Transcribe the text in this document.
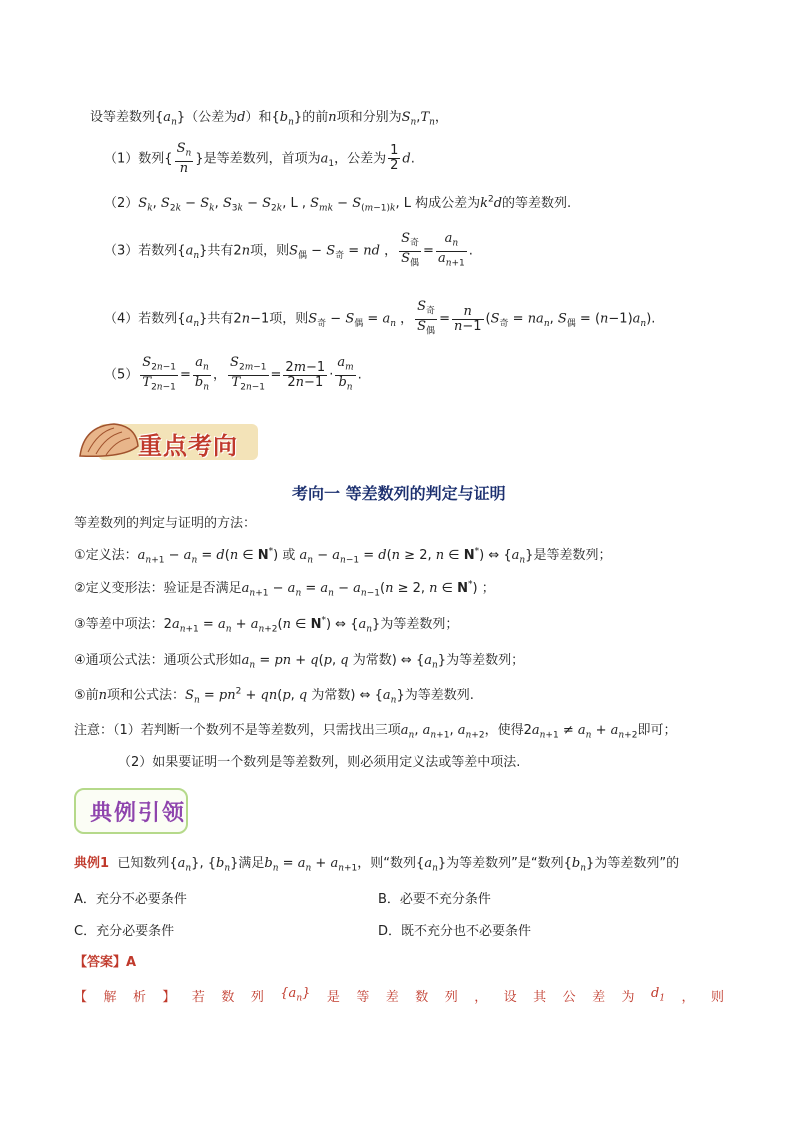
设等差数列$\{a_n\}$（公差为d）和$\{b_n\}$的前n项和分别为$S_n,T_n$，
（1）数列{ $\frac{S_n}{n}$ }是等差数列，首项为$a_1$，公差为 $\frac{1}{2} d$.
$(2)S_k$, $S_{2k} - S_k$, $S_{3k} - S_{2k}$, L , $S_{mk} - S_{(m-1)k}$, L 构成公差为$k^2d$的等差数列.
（3）若数列$\{a_n\}$共有2n项，则$S_偶 - S_奇$ = nd ， $\frac{S_奇}{S_偶} = \frac{a_n}{a_{n+1}}$ .
（4）若数列$\{a_n\}$共有2n−1项，则$S_奇 - S_偶 = a_n$ ， $\frac{S_奇}{S_偶} = \frac{n}{n-1} (S_奇 = na_n$, $S_偶 = (n-1)a_n$).
$(5) \frac{S_{2n-1}}{T_{2n-1}} = \frac{a_n}{b_n}$ ， $\frac{S_{2m-1}}{T_{2n-1}} = \frac{2m-1}{2n-1} \cdot \frac{a_m}{b_n}$ .
重点考向
考向一 等差数列的判定与证明
等差数列的判定与证明的方法：
①定义法：$a_{n+1} - a_n = d(n$ ∈ N*) 或 $a_n - a_{n-1} = d(n \ge 2$, n ∈ N*) ⇔ $\{a_n\}$是等差数列；
②定义变形法：验证是否满足$a_{n+1} - a_n = a_n - a_{n-1}(n \ge 2$, n ∈ N*) ；
③等差中项法：$2a_{n+1} = a_n + a_{n+2}(n$ ∈ N*) ⇔ $\{a_n\}$为等差数列；
④通项公式法：通项公式形如$a_n$ = pn + q(p, q 为常数) ⇔ $\{a_n\}$为等差数列；
⑤前n项和公式法：$S_n = pn^2 + qn(p$, q 为常数) ⇔ $\{a_n\}$为等差数列.
注意：（1）若判断一个数列不是等差数列，只需找出三项$a_n$, $a_{n+1}$, $a_{n+2}$，使得$2a_{n+1} \ne a_n + a_{n+2}$即可；
（2）如果要证明一个数列是等差数列，则必须用定义法或等差中项法.
典例引领
典例1 已知数列$\{a_n\}$, $\{b_n\}$满足$b_n = a_n + a_{n+1}$，则“数列$\{a_n\}$为等差数列”是“数列$\{b_n\}$为等差数列”的
A．充分不必要条件	B．必要不充分条件
C．充分必要条件	D．既不充分也不必要条件
【答案】A
【 解 析 】 若 数 列 $\{a_n\}$ 是 等 差 数 列 ， 设 其 公 差 为 $d_1$ ， 则
